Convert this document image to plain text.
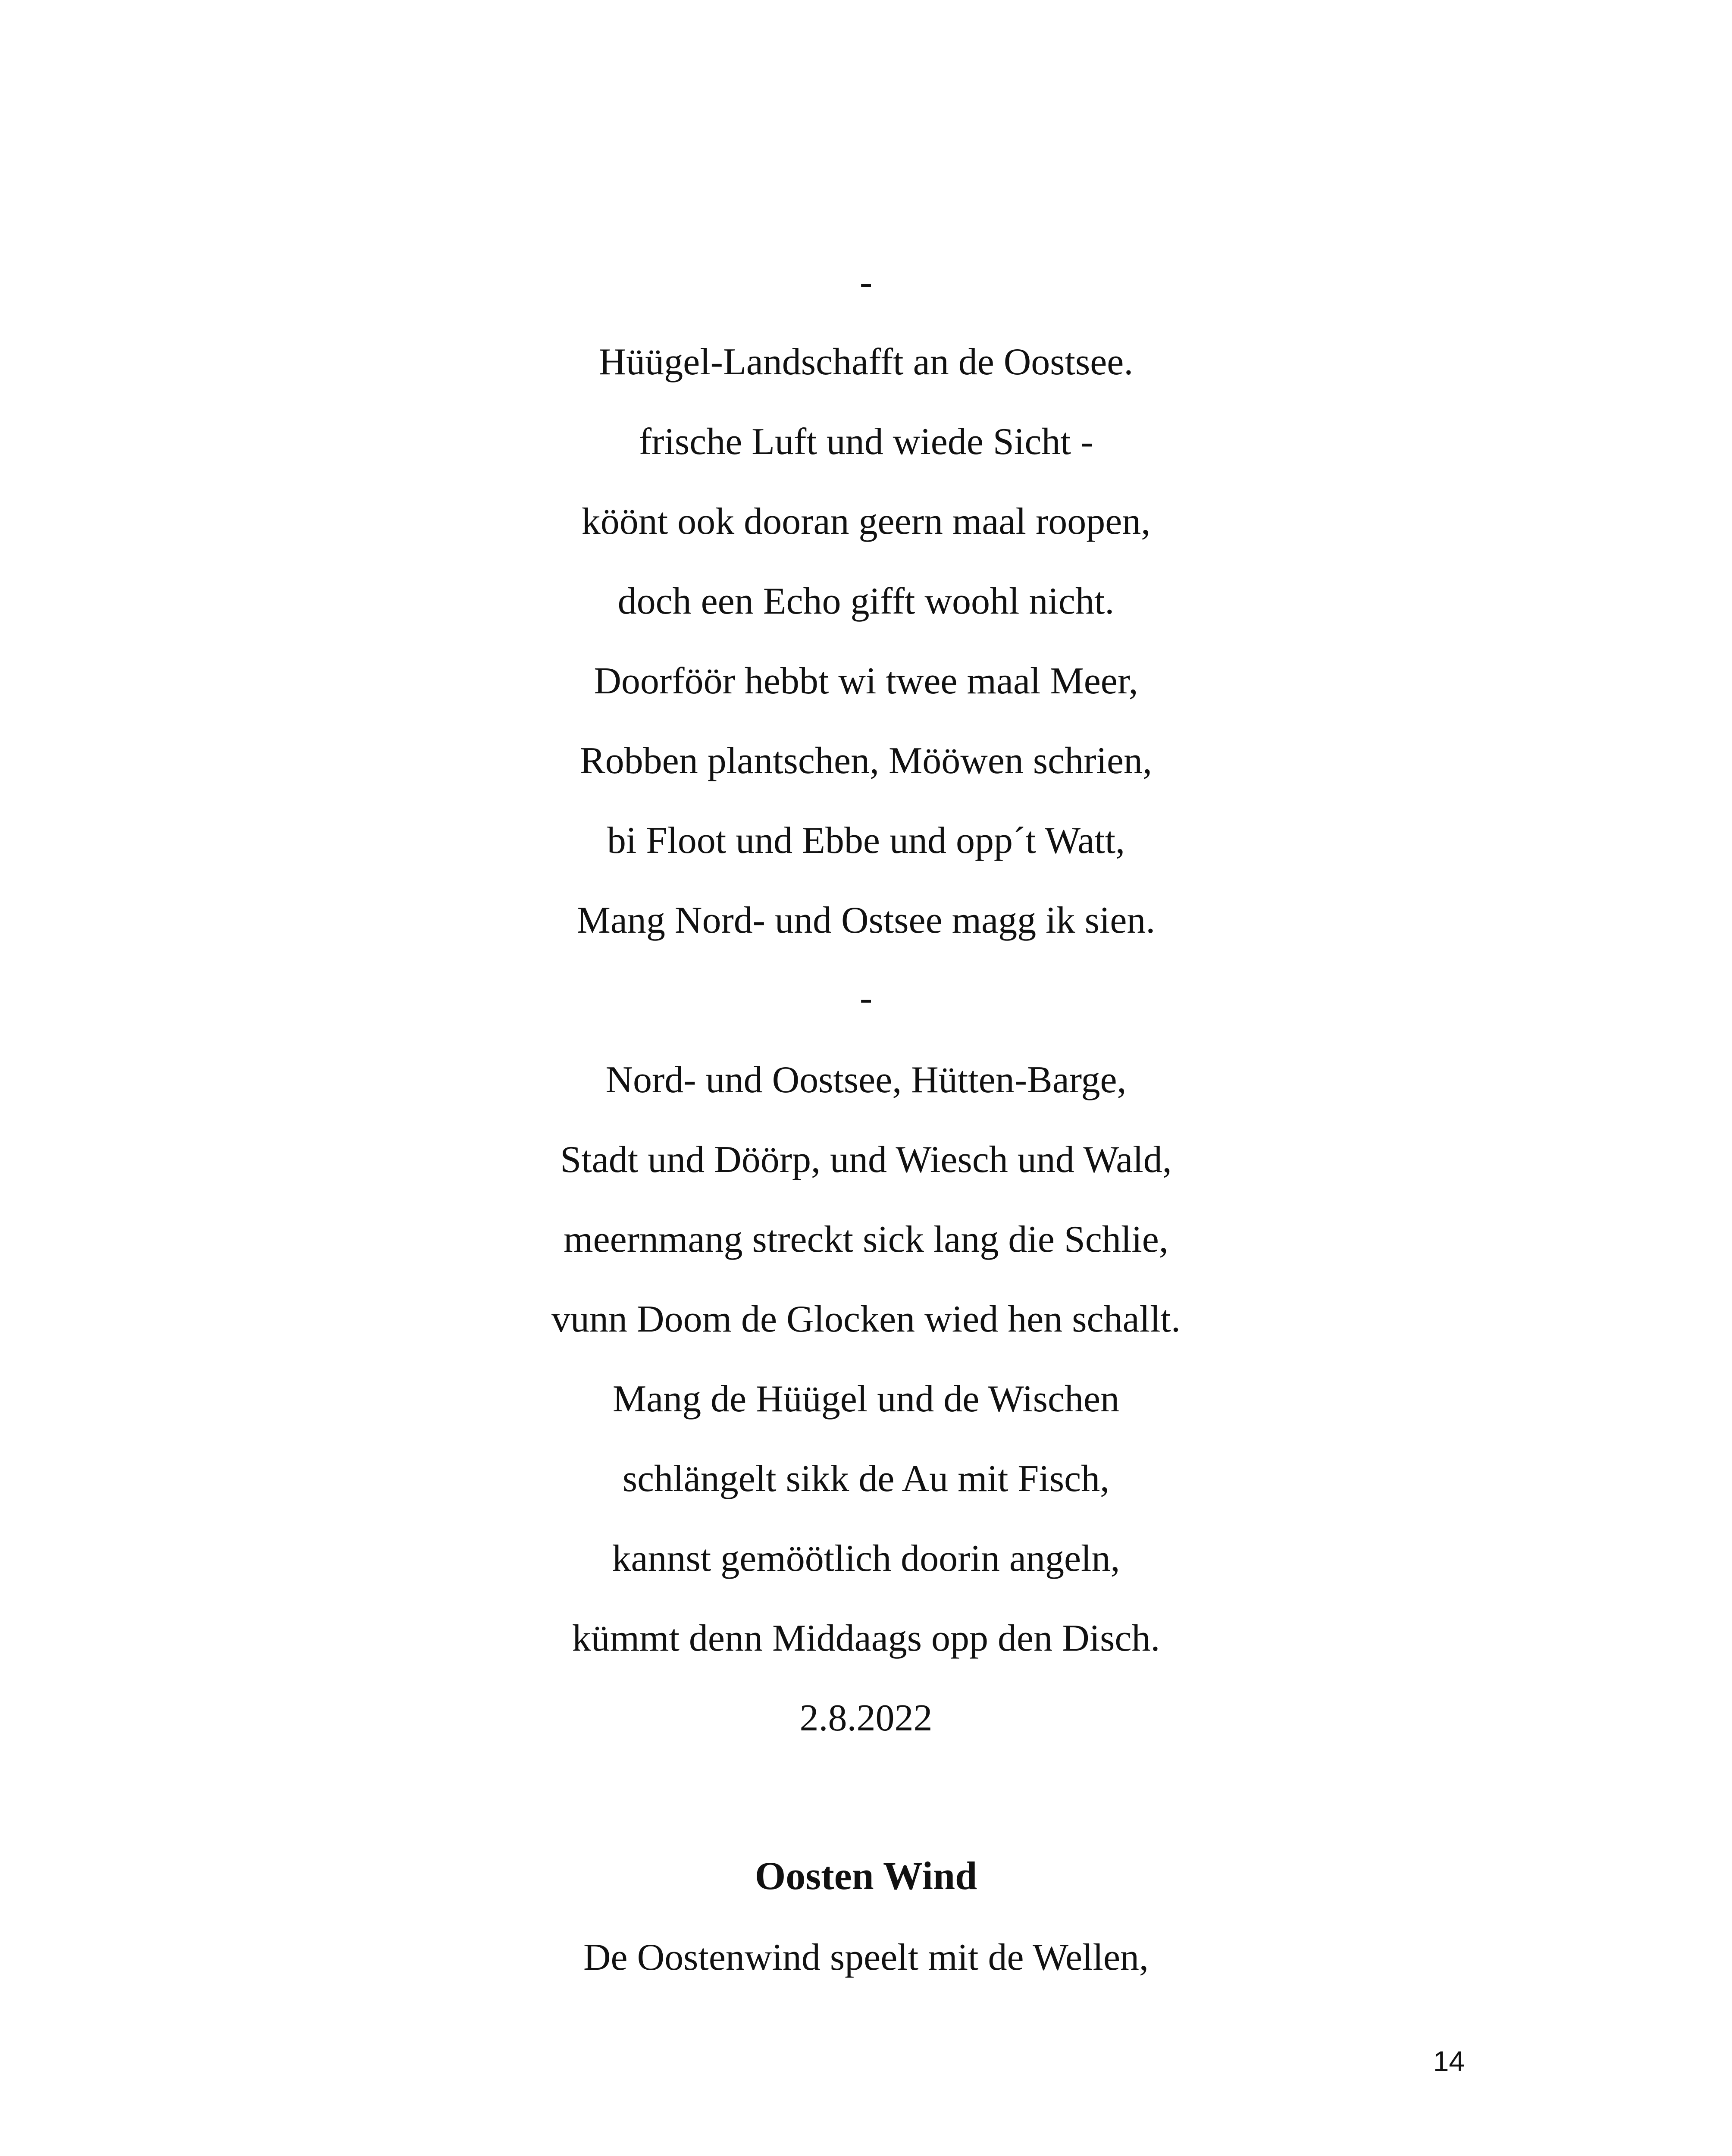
-
Hüügel-Landschafft an de Oostsee.
frische Luft und wiede Sicht -
köönt ook dooran geern maal roopen,
doch een Echo gifft woohl nicht.
Doorföör hebbt wi twee maal Meer,
Robben plantschen, Mööwen schrien,
bi Floot und Ebbe und opp´t Watt,
Mang Nord- und Ostsee magg ik sien.
-
Nord- und Oostsee, Hütten-Barge,
Stadt und Döörp, und Wiesch und Wald,
meernmang streckt sick lang die Schlie,
vunn Doom de Glocken wied hen schallt.
Mang de Hüügel und de Wischen
schlängelt sikk de Au mit Fisch,
kannst gemöötlich doorin angeln,
kümmt denn Middaags opp den Disch.
2.8.2022
Oosten Wind
De Oostenwind speelt mit de Wellen,
14
